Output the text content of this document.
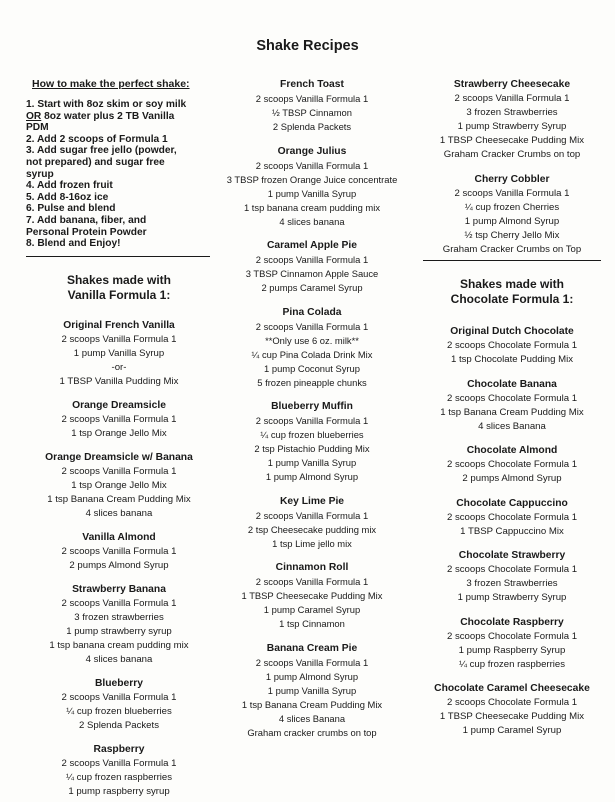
Shake Recipes
How to make the perfect shake:
1. Start with 8oz skim or soy milk
OR 8oz water plus 2 TB Vanilla
PDM
2. Add 2 scoops of Formula 1
3. Add sugar free jello (powder,
not prepared) and sugar free
syrup
4. Add frozen fruit
5. Add 8-16oz ice
6. Pulse and blend
7. Add banana, fiber, and
Personal Protein Powder
8. Blend and Enjoy!
Shakes made with
Vanilla Formula 1:
Original French Vanilla
2 scoops Vanilla Formula 1
1 pump Vanilla Syrup
-or-
1 TBSP Vanilla Pudding Mix
Orange Dreamsicle
2 scoops Vanilla Formula 1
1 tsp Orange Jello Mix
Orange Dreamsicle w/ Banana
2 scoops Vanilla Formula 1
1 tsp Orange Jello Mix
1 tsp Banana Cream Pudding Mix
4 slices banana
Vanilla Almond
2 scoops Vanilla Formula 1
2 pumps Almond Syrup
Strawberry Banana
2 scoops Vanilla Formula 1
3 frozen strawberries
1 pump strawberry syrup
1 tsp banana cream pudding mix
4 slices banana
Blueberry
2 scoops Vanilla Formula 1
¼ cup frozen blueberries
2 Splenda Packets
Raspberry
2 scoops Vanilla Formula 1
¼ cup frozen raspberries
1 pump raspberry syrup
French Toast
2 scoops Vanilla Formula 1
½ TBSP Cinnamon
2 Splenda Packets
Orange Julius
2 scoops Vanilla Formula 1
3 TBSP frozen Orange Juice concentrate
1 pump Vanilla Syrup
1 tsp banana cream pudding mix
4 slices banana
Caramel Apple Pie
2 scoops Vanilla Formula 1
3 TBSP Cinnamon Apple Sauce
2 pumps Caramel Syrup
Pina Colada
2 scoops Vanilla Formula 1
**Only use 6 oz. milk**
¼ cup Pina Colada Drink Mix
1 pump Coconut Syrup
5 frozen pineapple chunks
Blueberry Muffin
2 scoops Vanilla Formula 1
¼ cup frozen blueberries
2 tsp Pistachio Pudding Mix
1 pump Vanilla Syrup
1 pump Almond Syrup
Key Lime Pie
2 scoops Vanilla Formula 1
2 tsp Cheesecake pudding mix
1 tsp Lime jello mix
Cinnamon Roll
2 scoops Vanilla Formula 1
1 TBSP Cheesecake Pudding Mix
1 pump Caramel Syrup
1 tsp Cinnamon
Banana Cream Pie
2 scoops Vanilla Formula 1
1 pump Almond Syrup
1 pump Vanilla Syrup
1 tsp Banana Cream Pudding Mix
4 slices Banana
Graham cracker crumbs on top
Strawberry Cheesecake
2 scoops Vanilla Formula 1
3 frozen Strawberries
1 pump Strawberry Syrup
1 TBSP Cheesecake Pudding Mix
Graham Cracker Crumbs on top
Cherry Cobbler
2 scoops Vanilla Formula 1
¼ cup frozen Cherries
1 pump Almond Syrup
½ tsp Cherry Jello Mix
Graham Cracker Crumbs on Top
Shakes made with
Chocolate Formula 1:
Original Dutch Chocolate
2 scoops Chocolate Formula 1
1 tsp Chocolate Pudding Mix
Chocolate Banana
2 scoops Chocolate Formula 1
1 tsp Banana Cream Pudding Mix
4 slices Banana
Chocolate Almond
2 scoops Chocolate Formula 1
2 pumps Almond Syrup
Chocolate Cappuccino
2 scoops Chocolate Formula 1
1 TBSP Cappuccino Mix
Chocolate Strawberry
2 scoops Chocolate Formula 1
3 frozen Strawberries
1 pump Strawberry Syrup
Chocolate Raspberry
2 scoops Chocolate Formula 1
1 pump Raspberry Syrup
¼ cup frozen raspberries
Chocolate Caramel Cheesecake
2 scoops Chocolate Formula 1
1 TBSP Cheesecake Pudding Mix
1 pump Caramel Syrup
